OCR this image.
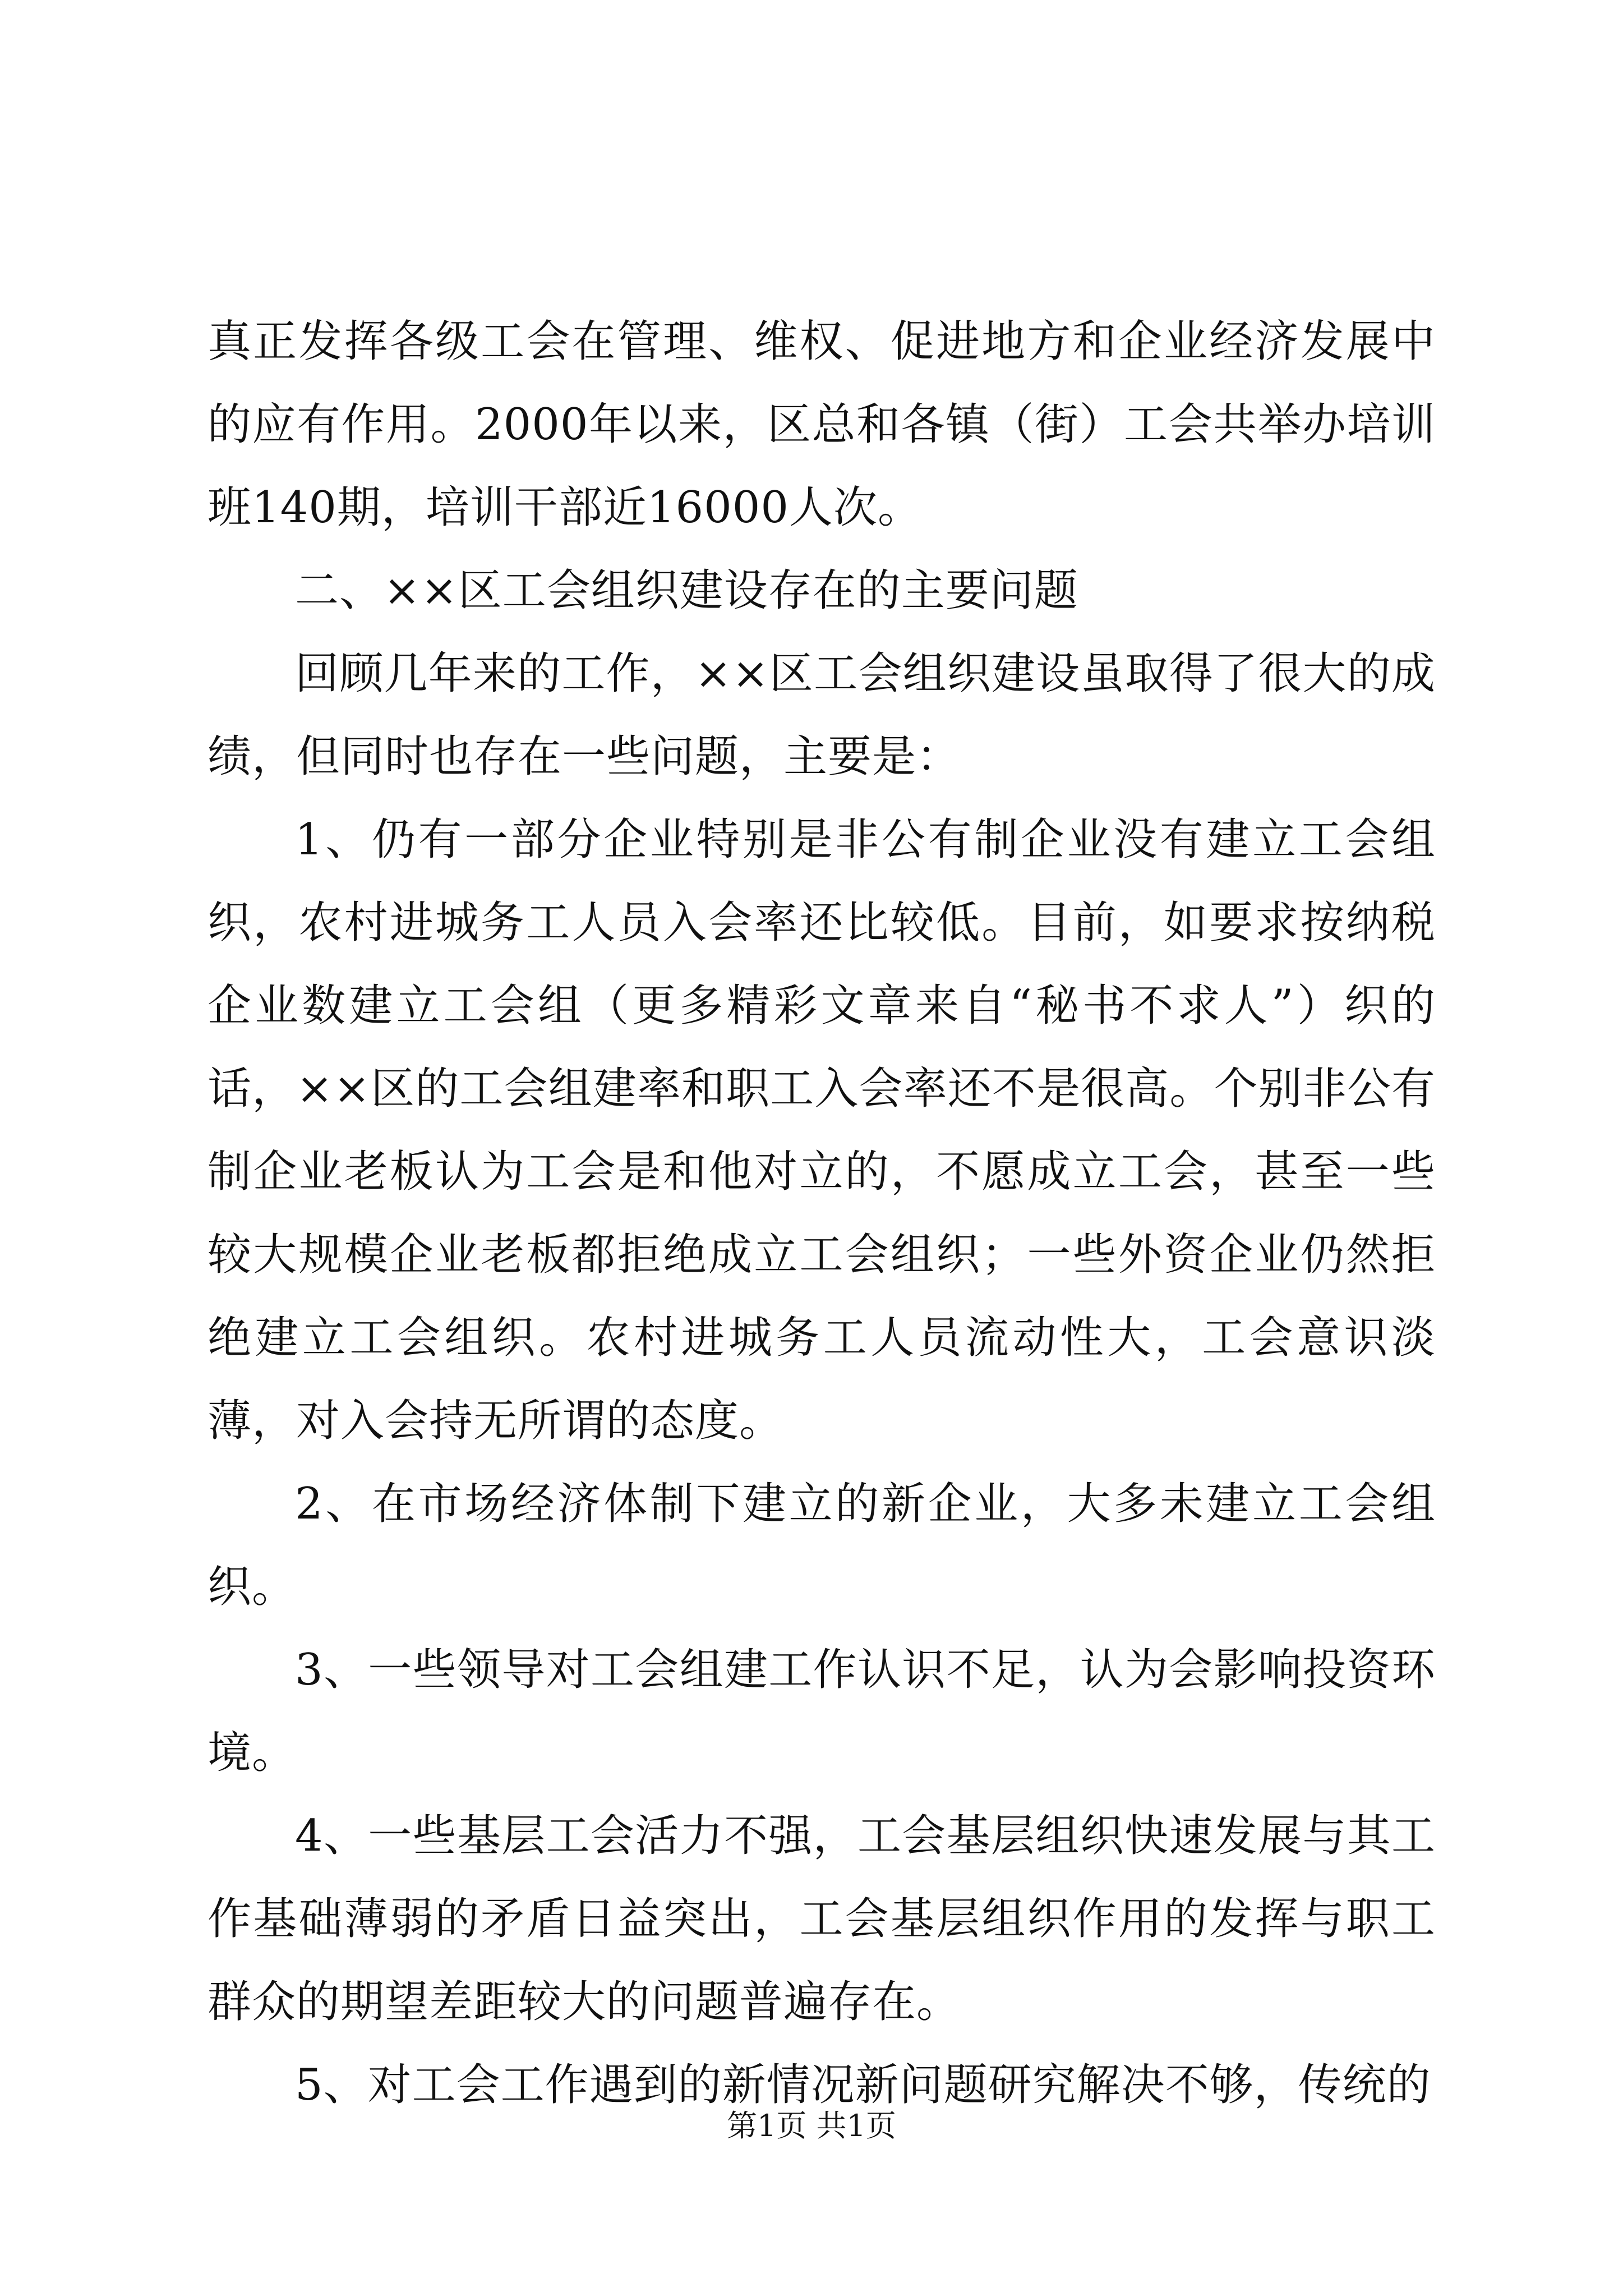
真正发挥各级工会在管理、维权、促进地方和企业经济发展中的应有作用。2000年以来，区总和各镇（街）工会共举办培训班140期，培训干部近16000人次。

二、××区工会组织建设存在的主要问题

回顾几年来的工作，××区工会组织建设虽取得了很大的成绩，但同时也存在一些问题，主要是：

1、仍有一部分企业特别是非公有制企业没有建立工会组织，农村进城务工人员入会率还比较低。目前，如要求按纳税企业数建立工会组（更多精彩文章来自“秘书不求人”）织的话，××区的工会组建率和职工入会率还不是很高。个别非公有制企业老板认为工会是和他对立的，不愿成立工会，甚至一些较大规模企业老板都拒绝成立工会组织；一些外资企业仍然拒绝建立工会组织。农村进城务工人员流动性大，工会意识淡薄，对入会持无所谓的态度。

2、在市场经济体制下建立的新企业，大多未建立工会组织。

3、一些领导对工会组建工作认识不足，认为会影响投资环境。

4、一些基层工会活力不强，工会基层组织快速发展与其工作基础薄弱的矛盾日益突出，工会基层组织作用的发挥与职工群众的期望差距较大的问题普遍存在。

5、对工会工作遇到的新情况新问题研究解决不够，传统的

第1页 共1页
